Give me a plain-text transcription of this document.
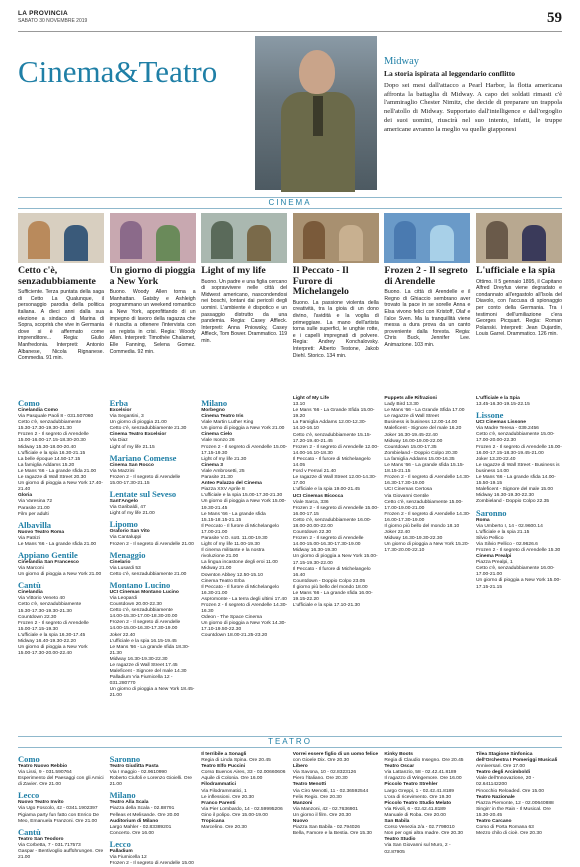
LA PROVINCIA
SABATO 30 NOVEMBRE 2019	59
Cinema&Teatro	Midway
La storia ispirata al leggendario conflitto
Dopo sei mesi dall'attacco a Pearl Harbor, la flotta americana affronta la battaglia di Midway. A capo dei soldati rimasti c'è l'ammiraglio Chester Nimitz, che decide di preparare un trappola nell'atollo di Midway. Supportato dall'intelligence e dall'orgoglio dei suoi uomini, riuscirà nel suo intento, infatti, le truppe americane avranno la meglio va quelle giapponesi
CINEMA
Cetto c'è, senzadubbiamente
Sufficiente. Terza puntata della saga di Cetto La Qualunque, il personaggio parodia della politica italiana. A dieci anni dalla sua elezione a sindaco di Marina di Sopra, scoprirà che vive in Germania dove si è affermato come imprenditore... Regia: Giulio Manfredonia. Interpreti: Antonio Albanese, Nicola Rignanese. Commedia. 91 min.
Un giorno di pioggia a New York
Buono. Woody Allen torna a Manhattan. Gatsby e Ashleigh programmano un weekend romantico a New York, approfittando di un impegno di lavoro della ragazza che è riuscita a ottenere l'intervista con un regista in crisi. Regia: Woody Allen. Interpreti: Timothée Chalamet, Elle Fanning, Selena Gomez. Commedia. 92 min.
Light of my life
Buono. Un padre e una figlia cercano di sopravvivere nelle città del Midwest americano, nascondendosi nei boschi, lontani dai pericoli degli uomini. L'ambiente è dispotico e un passaggio distrutto da una pandemia. Regia: Casey Affleck. Interpreti: Anna Pniowsky, Casey Affleck, Tom Bower. Drammatico. 119 min.
Il Peccato - Il Furore di Michelangelo
Buono. La passione violenta della creatività, tra la gioia di un dono divino, l'avidità e la voglia di primeggiare. La mano dell'artista torna sulle superfici, le unghie rotte, e i capelli impregnati di polvere. Regia: Andrey Konchalovsky. Interpreti: Alberto Testone, Jakob Diehl. Storico. 134 min.
Frozen 2 - Il segreto di Arendelle
Buono. La città di Arendelle e il Regno di Ghiaccio sembrano aver trovato la pace in se sorelle Anna e Elsa vivono felici con Kristoff, Olaf e l'alce Sven. Ma la tranquillità viene messa a dura prova da un canto proveniente dalla foresta. Regia: Chris Buck, Jennifer Lee. Animazione. 103 min.
L'ufficiale e la spia
Ottimo. Il 5 gennaio 1895, il Capitano Alfred Dreyfus viene degradato e condannato all'ergastolo all'Isola del Diavolo, con l'accusa di spionaggio per conto della Germania. Tra i testimoni dell'umiliazione c'era Georges Picquart. Regia: Roman Polanski. Interpreti: Jean Dujardin, Louis Garrel. Drammatico. 126 min.
Como
Cinelandia Como
Via Pasquale Paoli 8 - 031.507060
Cetto c'è, senzadubbiamente
15.30-17.30-19.30-21.30
Frozen 2 - Il segreto di Arendelle
15.00-16.00-17.15-18.30-20.30
Midway 15.30-18.00-20.40
L'ufficiale e la spia 16.30-21.15
La belle époque 14.50-17.15
La famiglia Addams 15.20
Le Mans '66 - La grande sfida 21.00
Le ragazze di Wall Street 20.30
Un giorno di pioggia a New York 17.40-21.40
Gloria
Via Varesina 72
Parasite 21.00
Film per adulti
Albavilla
Nuovo Teatro Roma
Via Patrizi
Le Mans '66 - La grande sfida 21.00
Appiano Gentile
Cinelandia San Francesco
Via Marconi
Un giorno di pioggia a New York 21.00
Cantù
Cinelandia
Via Vittorio Veneto 40
Cetto c'è, senzadubbiamente
15.30-17.30-19.30-21.30
Countdown 22.30
Frozen 2 - Il segreto di Arendelle
15.00-17.15-19.30
L'ufficiale e la spia 16.30-17.45
Midway 16.40-19.30-22.20
Un giorno di pioggia a New York
15.00-17.30-20.00-22.40
Erba
Excelsior
Via Segantini, 3
Un giorno di pioggia 21.00
Cetto c'è, senzadubbiamente 21.30
Cinema Teatro Excelsior
Via Diaz
Light of my life 21.15
Mariano Comense
Cinema San Rocco
Via Mazzini
Frozen 2 - Il segreto di Arendelle
15.00-17.30-21.15
Lentate sul Seveso
Sant'Angelo
Via Garibaldi, 47
Light of my life 21.00
Lipomo
Oratorio San Vito
Via Cantaluppi
Frozen 2 - Il segreto di Arendelle 21.00
Menaggio
Cinelario
Via Lusardi 53
Cetto c'è, senzadubbiamente 21.00
Montano Lucino
UCI Cinemas Montano Lucino
Via Leopardi
Countdown 20.00-22.30
Cetto c'è, senzadubbiamente
14.00-15.30-17.00-18.30-20.00
Frozen 2 - Il segreto di Arendelle
14.00-15.00-16.30-17.30-19.00
Joker 22.40
L'ufficiale e la spia 16.15-19.45
Le Mans '66 - La grande sfida 18.30-21.30
Midway 16.30-19.30-22.30
Le ragazze di Wall Street 17.45
Maleficent - Signore del male 14.30
Palladium Via Fiumicella 12 - 031.280770
Un giorno di pioggia a New York 18.45-21.00
Milano
Morbegno
Cinema Teatro Iris
Viale Martin Luther King
Un giorno di pioggia a New York 21.00
Cinema Cielo
Viale Isonzo 26
Frozen 2 - Il segreto di Arendelle 15.00-17.15-19.30
Light of my life 21.30
Cinema 3
Viale Ambrosetti, 25
Parasite 21.30
Anteo Palazzo del Cinema
Piazza XXV Aprile 8
L'ufficiale e la spia 15.00-17.30-21.30
Un giorno di pioggia a New York 15.00-19.30-21.45
Le Mans '66 - La grande sfida
15.15-18.15-21.15
Il Peccato - Il furore di Michelangelo 17.00-21.00
Parasite V.O. sott. 11.00-19.30
Light of my life 11.00-19.30
Il cinema militante e la nostra rivoluzione 21.00
La lingua incastone degli eroi 11.00
Midway 21.00
Downton Abbey 12.50-15.10
Cinema Teatro Erba
Il Peccato - Il furore di Michelangelo 16.30-21.00
Aspromonte - La terra degli ultimi 17.40
Frozen 2 - Il segreto di Arendelle 14.30-16.30
Odeon - The Space Cinema
Un giorno di pioggia a New York 14.30-17.10-19.50-22.30
Countdown 18.00-21.25-23.20
Light of My Life
13.10
Le Mans '66 - La Grande Sfida 15.00-19.20
La Famiglia Addams 12.00-12.30-14.10-16.10
Cetto c'è, senzadubbiamente 15.15-17.20-19.40-21.45
Frozen 2 - Il segreto di Arendelle 12.00-14.00-16.10-18.30
Il Peccato - Il furore di Michelangelo 14.05
Ford v Ferrari 21.40
Le ragazze di Wall Street 12.00-14.30-17.00
L'ufficiale e la spia 19.00-21.45
UCI Cinemas Bicocca
Viale Sarca, 336
Frozen 2 - Il segreto di Arendelle 15.00-16.00-17.15
Cetto c'è, senzadubbiamente 16.00-18.00-20.00-22.00
Countdown 22.30
Frozen 2 - Il segreto di Arendelle
14.00-15.00-16.30-17.30-19.00
Midway 16.30-19.30
Un giorno di pioggia a New York 15.00-17.15-19.30-22.00
Il Peccato - Il furore di Michelangelo 16.40
Countdown - Doppio Colpo 23.05
Il giorno più bello del mondo 18.00
Le Mans '66 - La grande sfida 16.00-19.15-22.20
L'ufficiale e la spia 17.10-21.30
Puppets alle Rifrazioni
Lady Bird 13.30
Le Mans '66 - La Grande Sfida 17.00
Le ragazze di Wall Street
Business is business 12.00-14.00
Maleficent - Signore del male 16.20
Joker 16.30-19.45-22.40
Midway 16.00-19.00-22.00
Countdown 15.00-17.35
Zombieland - Doppio Colpo 20.30
La famiglia Addams 15.00-16.35
Le Mans '66 - La grande sfida 15.15-18.15-21.15
Frozen 2 - Il segreto di Arendelle 14.30-16.30-17.30-19.00
UCI Cinemas Certosa
Via Giovanni Gentile
Cetto c'è, senzadubbiamente 15.00-17.00-19.00-21.00
Frozen 2 - Il segreto di Arendelle 14.30-16.00-17.30-19.00
Il giorno più bello del mondo 18.10
Joker 22.40
Midway 16.30-19.30-22.30
Un giorno di pioggia a New York 15.20-17.30-20.00-22.10
L'ufficiale e la Spia
13.45-16.30-19.15-22.15
Lissone
UCI Cinemas Lissone
Via Madre Teresa - 039.2456
Cetto c'è, senzadubbiamente 15.00-17.00-20.00-22.30
Frozen 2 - Il segreto di Arendelle 15.00-16.00-17.15-18.30-19.45-21.00
Joker 13.20-22.40
Le ragazze di Wall Street - Business is business 14.00
Le Mans '66 - La grande sfida 14.00-15.50-19.15
Maleficent - Signore del male 15.00
Midway 16.30-19.30-22.30
Zombieland - Doppio Colpo 22.35
Saronno
Roma
Via Umberto I, 14 - 02.9600.14
L'ufficiale e la spia 21.15
Silvio Pellico
Via Silvio Pellico - 02.9626.6
Frozen 2 - Il segreto di Arendelle 15.30
Cinema Prealpi
Piazza Prealpi, 1
Cetto c'è, senzadubbiamente 16.00-17.00-21.00
Un giorno di pioggia a New York 15.00-17.15-21.15
TEATRO
Como
Teatro Nuovo Rebbio
Via Lissi, 9 - 031.590764
Esperimento del Paesaggi con gli Amici di Zavier. Ore 21.00
Lecco
Nuovo Teatro Invito
Via Ugo Foscolo, 42 - 0341.1902397
Pigiama party fun fatto con Enrico De Meo, Emanuela Franzoni. Ore 21.00
Cantù
Teatro San Teodoro
Via Corbetta, 7 - 031.717573
Gaspar - Bentivoglio aufführungen. Ore 21.00
Saronno
Teatro Giuditta Pasta
Via I maggio - 02.9610990
Roberto Ciufoli e Lorenzo Gioielli. Ore 21.00
Milano
Teatro Alla Scala
Piazza della Scala - 02.88791
Pelleas et Melisande. Ore 20.00
Auditorium di Milano
Largo Mahler - 02.83389201
Concerto. Ore 16.00
Lecco
Palladium
Via Fiumicella 12
Frozen 2 - Il segreto di Arendelle 15.00
Il terribile a Sonagli
Regia di Linda Spina. Ore 20.45
Teatro Elfo Puccini
Corso Buenos Aires, 33 - 02.00660606
Aquile di Colonia. Ore 16.00
Filodrammatici
Via Filodrammatici, 1
Le inflessioni. Ore 20.30
Franco Parenti
Via Pier Lombardo, 14 - 02.59995206
Gino il polipo. Ore 15.00-19.00
Tropicana
Marcelino. Ore 20.30
Vorrei essere figlio di un uomo felice
con Gioele Dix. Ore 20.30
Libero
Via Savona, 10 - 02.8323126
Piero l'italiano. Ore 20.30
Teatro Menotti
Via Ciro Menotti, 11 - 02.36592544
Felis Regio. Ore 20.30
Manzoni
Via Manzoni, 42 - 02.7636901
Un giorno il film. Ore 20.30
Nuovo
Piazza San Babila - 02.794026
Bella, Famore e la Bestia. Ore 15.30
Kinky Boots
Regia di Claudio Insegno. Ore 20.45
Teatro Oscar
Via Lattanzio, 58 - 02.42.41.8189
Il ragazzo di Wingemore. Ore 16.00
Piccolo Teatro Strehler
Largo Greppi, 1 - 02.42.41.8189
L'ora di ricevimento. Ore 19.30
Piccolo Teatro Studio Melato
Via Rivoli, 6 - 02.42.41.8189
Manuale di Roba. Ore 20.00
San Babila
Corso Venezia 2/a - 02.7798010
Non per ogni altra madre. Ore 20.30
Teatro Studio
Via San Giovanni sul Muro, 2 - 02.87905
Tilea Stagione Sinfonica dell'Orchestra I Pomeriggi Musicali
Anniversari. Ore 17.00
Teatro degli Arcimboldi
Viale dell'Innovazione, 20 - 02.641142200
Pinocchio Reloaded. Ore 15.00
Teatro Nazionale
Piazza Piemonte, 12 - 02.00640888
Singin' in the Rain - Il Musical. Ore 15.30-20.45
Teatro Carcano
Corso di Porta Romana 63
Mezzo chilo di cioè. Ore 20.30
